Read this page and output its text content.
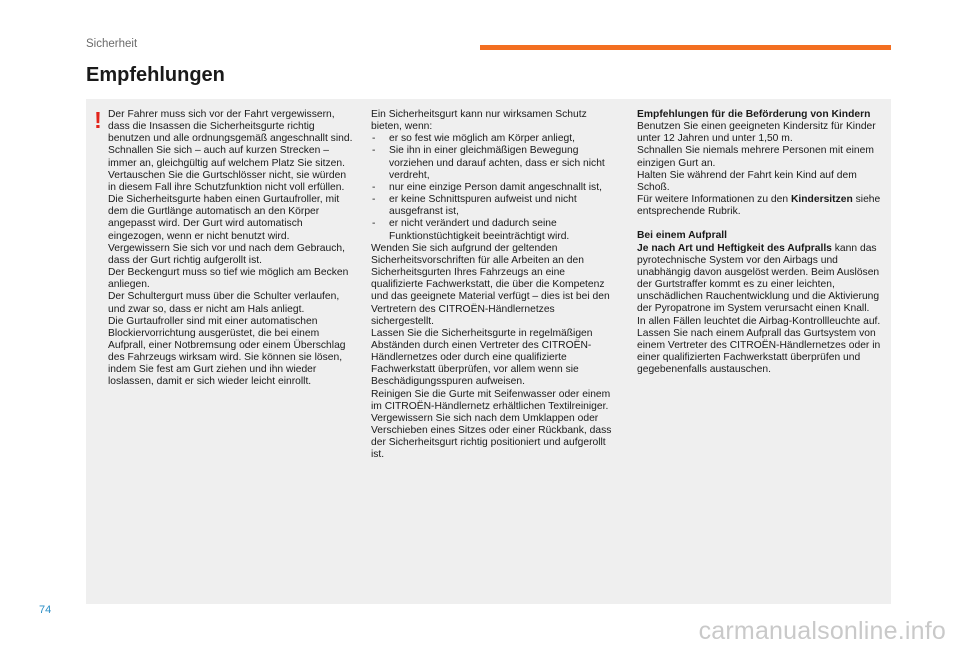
Sicherheit
Empfehlungen
! Der Fahrer muss sich vor der Fahrt vergewissern, dass die Insassen die Sicherheitsgurte richtig benutzen und alle ordnungsgemäß angeschnallt sind.

Schnallen Sie sich – auch auf kurzen Strecken – immer an, gleichgültig auf welchem Platz Sie sitzen.

Vertauschen Sie die Gurtschlösser nicht, sie würden in diesem Fall ihre Schutzfunktion nicht voll erfüllen.

Die Sicherheitsgurte haben einen Gurtaufroller, mit dem die Gurtlänge automatisch an den Körper angepasst wird. Der Gurt wird automatisch eingezogen, wenn er nicht benutzt wird.

Vergewissern Sie sich vor und nach dem Gebrauch, dass der Gurt richtig aufgerollt ist.

Der Beckengurt muss so tief wie möglich am Becken anliegen.

Der Schultergurt muss über die Schulter verlaufen, und zwar so, dass er nicht am Hals anliegt.

Die Gurtaufroller sind mit einer automatischen Blockiervorrichtung ausgerüstet, die bei einem Aufprall, einer Notbremsung oder einem Überschlag des Fahrzeugs wirksam wird. Sie können sie lösen, indem Sie fest am Gurt ziehen und ihn wieder loslassen, damit er sich wieder leicht einrollt.

Ein Sicherheitsgurt kann nur wirksamen Schutz bieten, wenn:

- er so fest wie möglich am Körper anliegt,
- Sie ihn in einer gleichmäßigen Bewegung vorziehen und darauf achten, dass er sich nicht verdreht,
- nur eine einzige Person damit angeschnallt ist,
- er keine Schnittspuren aufweist und nicht ausgefranst ist,
- er nicht verändert und dadurch seine Funktionstüchtigkeit beeinträchtigt wird.

Wenden Sie sich aufgrund der geltenden Sicherheitsvorschriften für alle Arbeiten an den Sicherheitsgurten Ihres Fahrzeugs an eine qualifizierte Fachwerkstatt, die über die Kompetenz und das geeignete Material verfügt – dies ist bei den Vertretern des CITROËN-Händlernetzes sichergestellt.

Lassen Sie die Sicherheitsgurte in regelmäßigen Abständen durch einen Vertreter des CITROËN-Händlernetzes oder durch eine qualifizierte Fachwerkstatt überprüfen, vor allem wenn sie Beschädigungsspuren aufweisen.

Reinigen Sie die Gurte mit Seifenwasser oder einem im CITROËN-Händlernetz erhältlichen Textilreiniger.

Vergewissern Sie sich nach dem Umklappen oder Verschieben eines Sitzes oder einer Rückbank, dass der Sicherheitsgurt richtig positioniert und aufgerollt ist.

Empfehlungen für die Beförderung von Kindern

Benutzen Sie einen geeigneten Kindersitz für Kinder unter 12 Jahren und unter 1,50 m.

Schnallen Sie niemals mehrere Personen mit einem einzigen Gurt an.

Halten Sie während der Fahrt kein Kind auf dem Schoß.

Für weitere Informationen zu den Kindersitzen siehe entsprechende Rubrik.

Bei einem Aufprall

Je nach Art und Heftigkeit des Aufpralls kann das pyrotechnische System vor den Airbags und unabhängig davon ausgelöst werden. Beim Auslösen der Gurtstraffer kommt es zu einer leichten, unschädlichen Rauchentwicklung und die Aktivierung der Pyropatrone im System verursacht einen Knall.

In allen Fällen leuchtet die Airbag-Kontrollleuchte auf.

Lassen Sie nach einem Aufprall das Gurtsystem von einem Vertreter des CITROËN-Händlernetzes oder in einer qualifizierten Fachwerkstatt überprüfen und gegebenenfalls austauschen.

74
carmanualsonline.info
